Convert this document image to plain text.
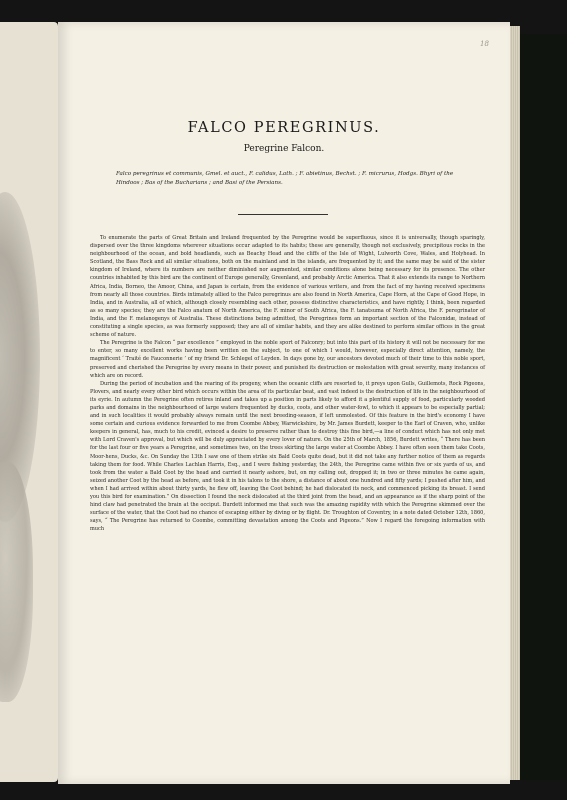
18
FALCO PEREGRINUS.
Peregrine Falcon.
Falco peregrinus et communis, Gmel. et auct., F. calidus, Lath. ; F. abietinus, Bechst. ; F. micrurus, Hodgs. Bhyri of the Hindoos ; Bas of the Bucharians ; and Basi of the Persians.

To enumerate the parts of Great Britain and Ireland frequented by the Peregrine would be superfluous, since it is universally, though sparingly, dispersed over the three kingdoms wherever situations occur adapted to its habits; these are generally, though not exclusively, precipitous rocks in the neighbourhood of the ocean, and bold headlands, such as Beachy Head and the cliffs of the Isle of Wight, Lulworth Cove, Wales, and Holyhead. In Scotland, the Bass Rock and all similar situations, both on the mainland and in the islands, are frequented by it; and the same may be said of the sister kingdom of Ireland, where its numbers are neither diminished nor augmented, similar conditions alone being necessary for its presence. The other countries inhabited by this bird are the continent of Europe generally, Greenland, and probably Arctic America. That it also extends its range to Northern Africa, India, Borneo, the Amoor, China, and Japan is certain, from the evidence of various writers, and from the fact of my having received specimens from nearly all those countries. Birds intimately allied to the Falco peregrinus are also found in North America, Cape Horn, at the Cape of Good Hope, in India, and in Australia, all of which, although closely resembling each other, possess distinctive characteristics, and have rightly, I think, been regarded as so many species; they are the Falco anatum of North America, the F. minor of South Africa, the F. tanatsuma of North Africa, the F. peregrinator of India, and the F. melanogenys of Australia. These distinctions being admitted, the Peregrines form an important section of the Falconidæ, instead of constituting a single species, as was formerly supposed; they are all of similar habits, and they are alike destined to perform similar offices in the great scheme of nature.

The Peregrine is the Falcon “ par excellence ” employed in the noble sport of Falconry; but into this part of its history it will not be necessary for me to enter, so many excellent works having been written on the subject, to one of which I would, however, especially direct attention, namely, the magnificent ‘ Traité de Fauconnerie ’ of my friend Dr. Schlegel of Leyden. In days gone by, our ancestors devoted much of their time to this noble sport, preserved and cherished the Peregrine by every means in their power, and punished its destruction or molestation with great severity, many instances of which are on record.

During the period of incubation and the rearing of its progeny, when the oceanic cliffs are resorted to, it preys upon Gulls, Guillemots, Rock Pigeons, Plovers, and nearly every other bird which occurs within the area of its particular beat, and vast indeed is the destruction of life in the neighbourhood of its eyrie. In autumn the Peregrine often retires inland and takes up a position in parts likely to afford it a plentiful supply of food, particularly wooded parks and domains in the neighbourhood of large waters frequented by ducks, coots, and other water-fowl, to which it appears to be especially partial; and in such localities it would probably always remain until the next breeding-season, if left unmolested. Of this feature in the bird's economy I have some certain and curious evidence forwarded to me from Coombe Abbey, Warwickshire, by Mr. James Burdett, keeper to the Earl of Craven, who, unlike keepers in general, has, much to his credit, evinced a desire to preserve rather than to destroy this fine bird,—a line of conduct which has not only met with Lord Craven's approval, but which will be duly appreciated by every lover of nature. On the 25th of March, 1856, Burdett writes, “ There has been for the last four or five years a Peregrine, and sometimes two, on the trees skirting the large water at Coombe Abbey. I have often seen them take Coots, Moor-hens, Ducks, &c. On Sunday the 13th I saw one of them strike six Bald Coots quite dead, but it did not take any further notice of them as regards taking them for food. While Charles Lachlan Harris, Esq., and I were fishing yesterday, the 24th, the Peregrine came within five or six yards of us, and took from the water a Bald Coot by the head and carried it nearly ashore, but, on my calling out, dropped it; in two or three minutes he came again, seized another Coot by the head as before, and took it in his talons to the shore, a distance of about one hundred and fifty yards; I pushed after him, and when I had arrived within about thirty yards, he flew off, leaving the Coot behind; he had dislocated its neck, and commenced picking its breast. I send you this bird for examination.” On dissection I found the neck dislocated at the third joint from the head, and an appearance as if the sharp point of the hind claw had penetrated the brain at the occiput. Burdett informed me that such was the amazing rapidity with which the Peregrine skimmed over the surface of the water, that the Coot had no chance of escaping either by diving or by flight. Dr. Troughton of Coventry, in a note dated October 12th, 1860, says, “ The Peregrine has returned to Coombe, committing devastation among the Coots and Pigeons.” Now I regard the foregoing information with much
